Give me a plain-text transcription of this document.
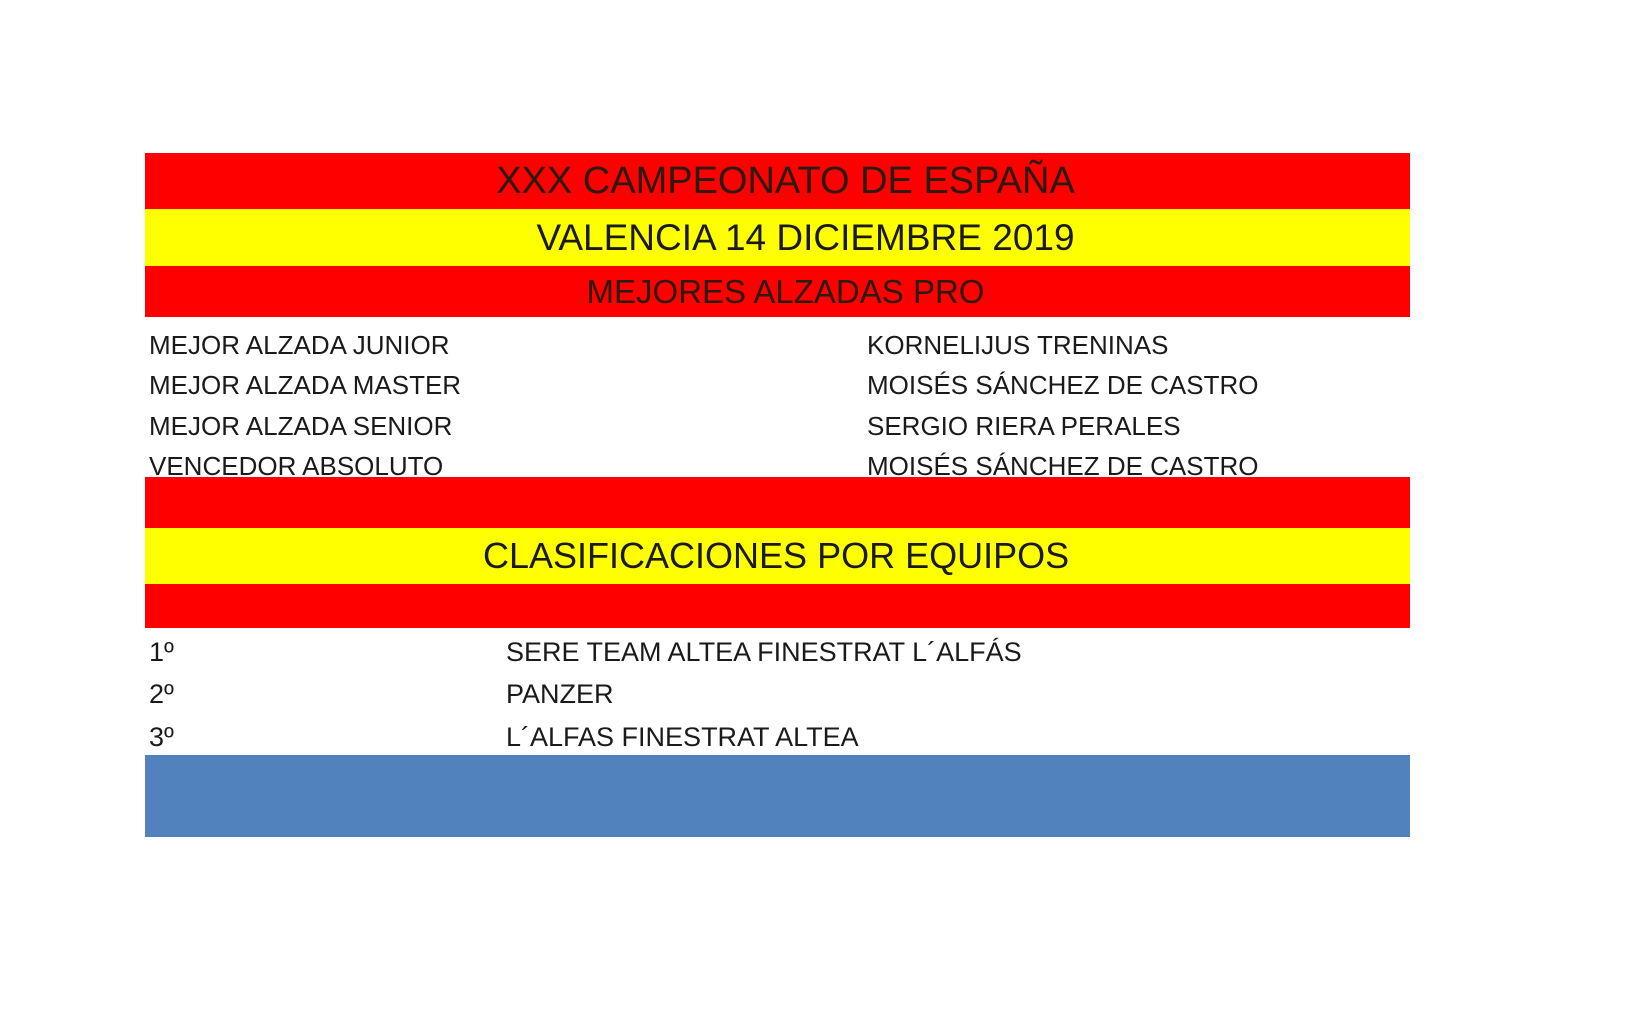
XXX CAMPEONATO DE ESPAÑA
VALENCIA 14 DICIEMBRE 2019
MEJORES ALZADAS PRO
MEJOR ALZADA JUNIOR	KORNELIJUS TRENINAS
MEJOR ALZADA MASTER	MOISÉS SÁNCHEZ DE CASTRO
MEJOR ALZADA SENIOR	SERGIO RIERA PERALES
VENCEDOR ABSOLUTO	MOISÉS SÁNCHEZ DE CASTRO
CLASIFICACIONES POR EQUIPOS
1º	SERE TEAM ALTEA FINESTRAT L´ALFÁS
2º	PANZER
3º	L´ALFAS FINESTRAT ALTEA
